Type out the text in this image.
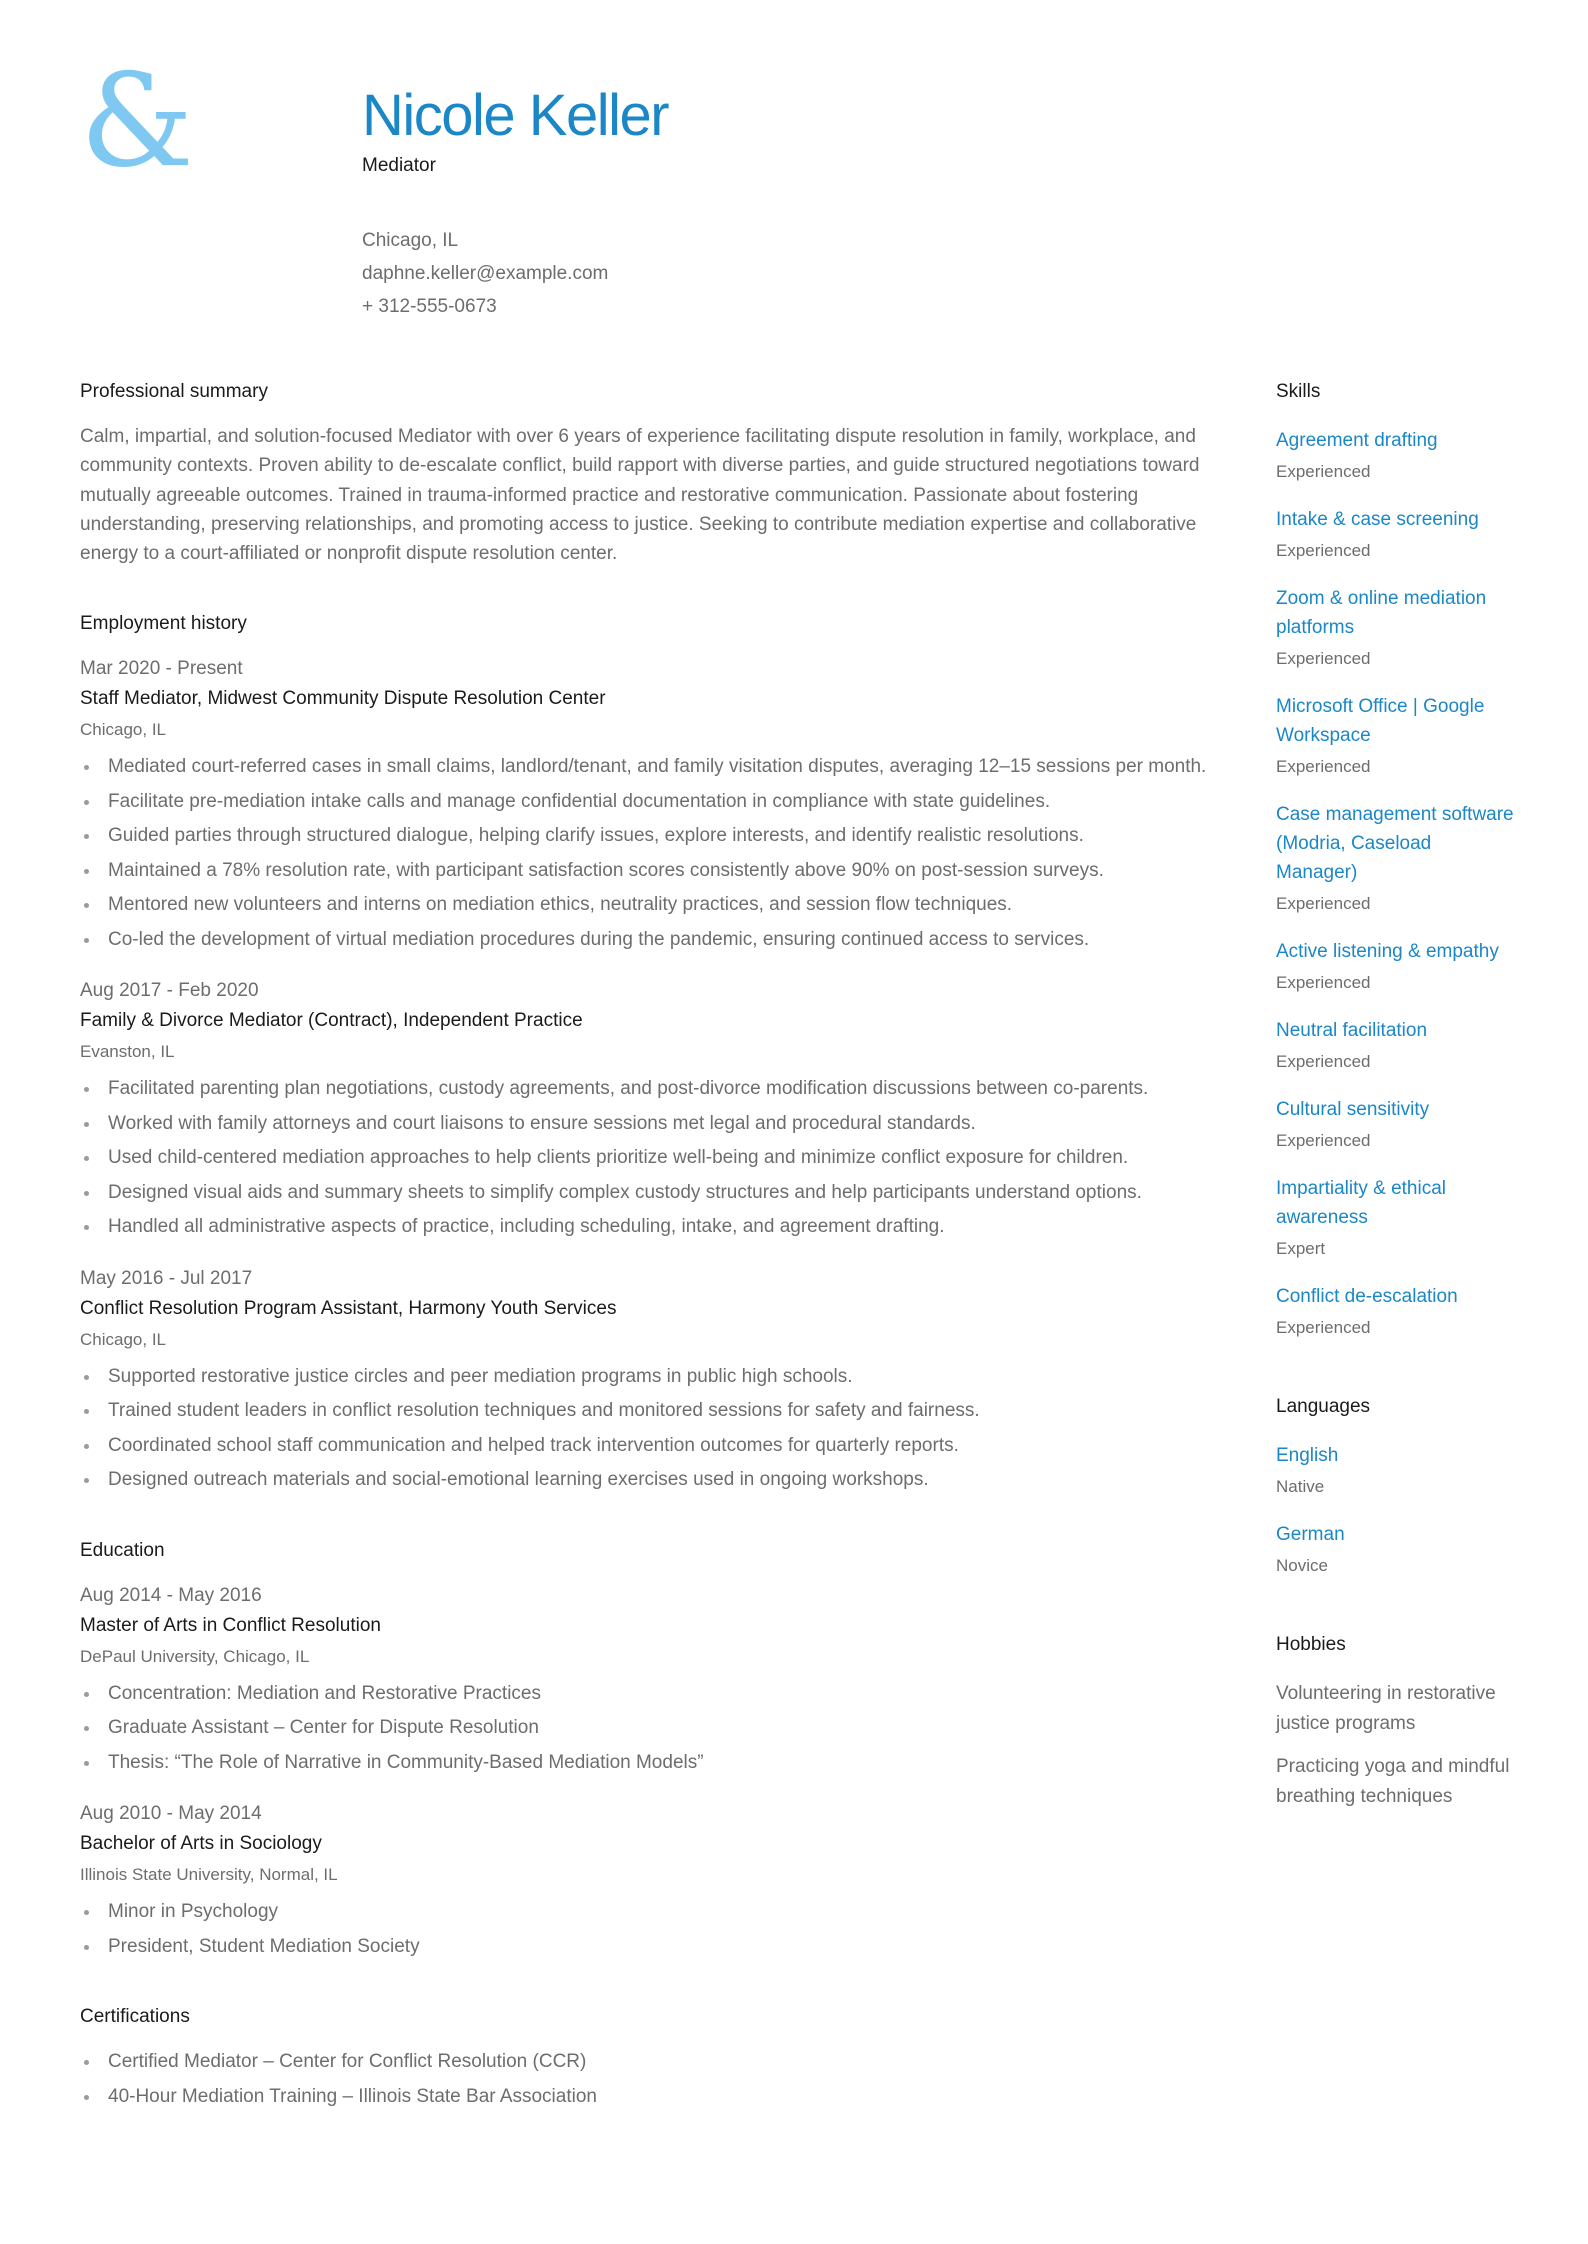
&	Nicole Keller
Mediator
Chicago, IL
daphne.keller@example.com
+ 312-555-0673
Professional summary

Calm, impartial, and solution-focused Mediator with over 6 years of experience facilitating dispute resolution in family, workplace, and community contexts. Proven ability to de-escalate conflict, build rapport with diverse parties, and guide structured negotiations toward mutually agreeable outcomes. Trained in trauma-informed practice and restorative communication. Passionate about fostering understanding, preserving relationships, and promoting access to justice. Seeking to contribute mediation expertise and collaborative energy to a court-affiliated or nonprofit dispute resolution center.

Employment history
Mar 2020 - Present
Staff Mediator, Midwest Community Dispute Resolution Center
Chicago, IL
Mediated court-referred cases in small claims, landlord/tenant, and family visitation disputes, averaging 12–15 sessions per month.
Facilitate pre-mediation intake calls and manage confidential documentation in compliance with state guidelines.
Guided parties through structured dialogue, helping clarify issues, explore interests, and identify realistic resolutions.
Maintained a 78% resolution rate, with participant satisfaction scores consistently above 90% on post-session surveys.
Mentored new volunteers and interns on mediation ethics, neutrality practices, and session flow techniques.
Co-led the development of virtual mediation procedures during the pandemic, ensuring continued access to services.
Aug 2017 - Feb 2020
Family & Divorce Mediator (Contract), Independent Practice
Evanston, IL
Facilitated parenting plan negotiations, custody agreements, and post-divorce modification discussions between co-parents.
Worked with family attorneys and court liaisons to ensure sessions met legal and procedural standards.
Used child-centered mediation approaches to help clients prioritize well-being and minimize conflict exposure for children.
Designed visual aids and summary sheets to simplify complex custody structures and help participants understand options.
Handled all administrative aspects of practice, including scheduling, intake, and agreement drafting.
May 2016 - Jul 2017
Conflict Resolution Program Assistant, Harmony Youth Services
Chicago, IL
Supported restorative justice circles and peer mediation programs in public high schools.
Trained student leaders in conflict resolution techniques and monitored sessions for safety and fairness.
Coordinated school staff communication and helped track intervention outcomes for quarterly reports.
Designed outreach materials and social-emotional learning exercises used in ongoing workshops.
Education
Aug 2014 - May 2016
Master of Arts in Conflict Resolution
DePaul University, Chicago, IL
Concentration: Mediation and Restorative Practices
Graduate Assistant – Center for Dispute Resolution
Thesis: “The Role of Narrative in Community-Based Mediation Models”
Aug 2010 - May 2014
Bachelor of Arts in Sociology
Illinois State University, Normal, IL
Minor in Psychology
President, Student Mediation Society
Certifications
Certified Mediator – Center for Conflict Resolution (CCR)
40-Hour Mediation Training – Illinois State Bar Association
Skills
Agreement drafting
Experienced
Intake & case screening
Experienced
Zoom & online mediation platforms
Experienced
Microsoft Office | Google Workspace
Experienced
Case management software (Modria, Caseload Manager)
Experienced
Active listening & empathy
Experienced
Neutral facilitation
Experienced
Cultural sensitivity
Experienced
Impartiality & ethical awareness
Expert
Conflict de-escalation
Experienced
Languages
English
Native
German
Novice
Hobbies
Volunteering in restorative justice programs
Practicing yoga and mindful breathing techniques
